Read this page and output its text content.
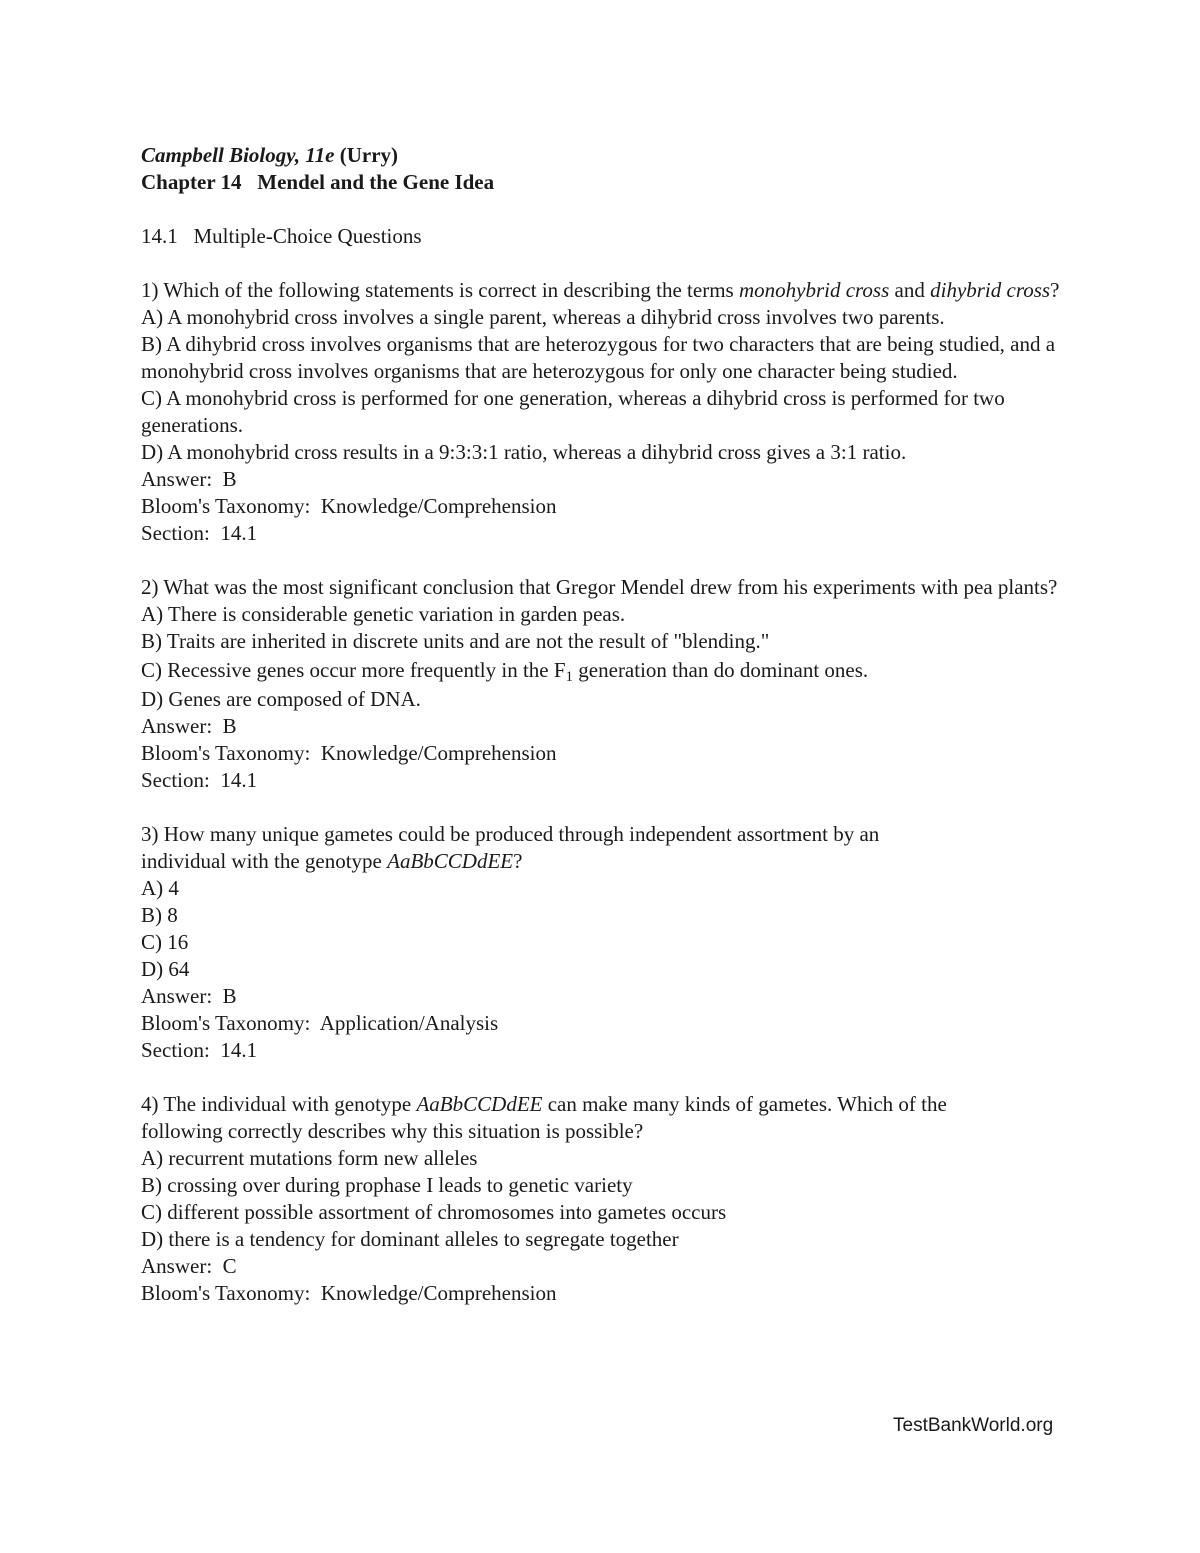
Campbell Biology, 11e (Urry)
Chapter 14   Mendel and the Gene Idea
14.1   Multiple-Choice Questions
1) Which of the following statements is correct in describing the terms monohybrid cross and dihybrid cross?
A) A monohybrid cross involves a single parent, whereas a dihybrid cross involves two parents.
B) A dihybrid cross involves organisms that are heterozygous for two characters that are being studied, and a monohybrid cross involves organisms that are heterozygous for only one character being studied.
C) A monohybrid cross is performed for one generation, whereas a dihybrid cross is performed for two generations.
D) A monohybrid cross results in a 9:3:3:1 ratio, whereas a dihybrid cross gives a 3:1 ratio.
Answer:  B
Bloom's Taxonomy:  Knowledge/Comprehension
Section:  14.1
2) What was the most significant conclusion that Gregor Mendel drew from his experiments with pea plants?
A) There is considerable genetic variation in garden peas.
B) Traits are inherited in discrete units and are not the result of "blending."
C) Recessive genes occur more frequently in the $F_1$ generation than do dominant ones.
D) Genes are composed of DNA.
Answer:  B
Bloom's Taxonomy:  Knowledge/Comprehension
Section:  14.1
3) How many unique gametes could be produced through independent assortment by an
individual with the genotype AaBbCCDdEE?
A) 4
B) 8
C) 16
D) 64
Answer:  B
Bloom's Taxonomy:  Application/Analysis
Section:  14.1
4) The individual with genotype AaBbCCDdEE can make many kinds of gametes. Which of the
following correctly describes why this situation is possible?
A) recurrent mutations form new alleles
B) crossing over during prophase I leads to genetic variety
C) different possible assortment of chromosomes into gametes occurs
D) there is a tendency for dominant alleles to segregate together
Answer:  C
Bloom's Taxonomy:  Knowledge/Comprehension
TestBankWorld.org
